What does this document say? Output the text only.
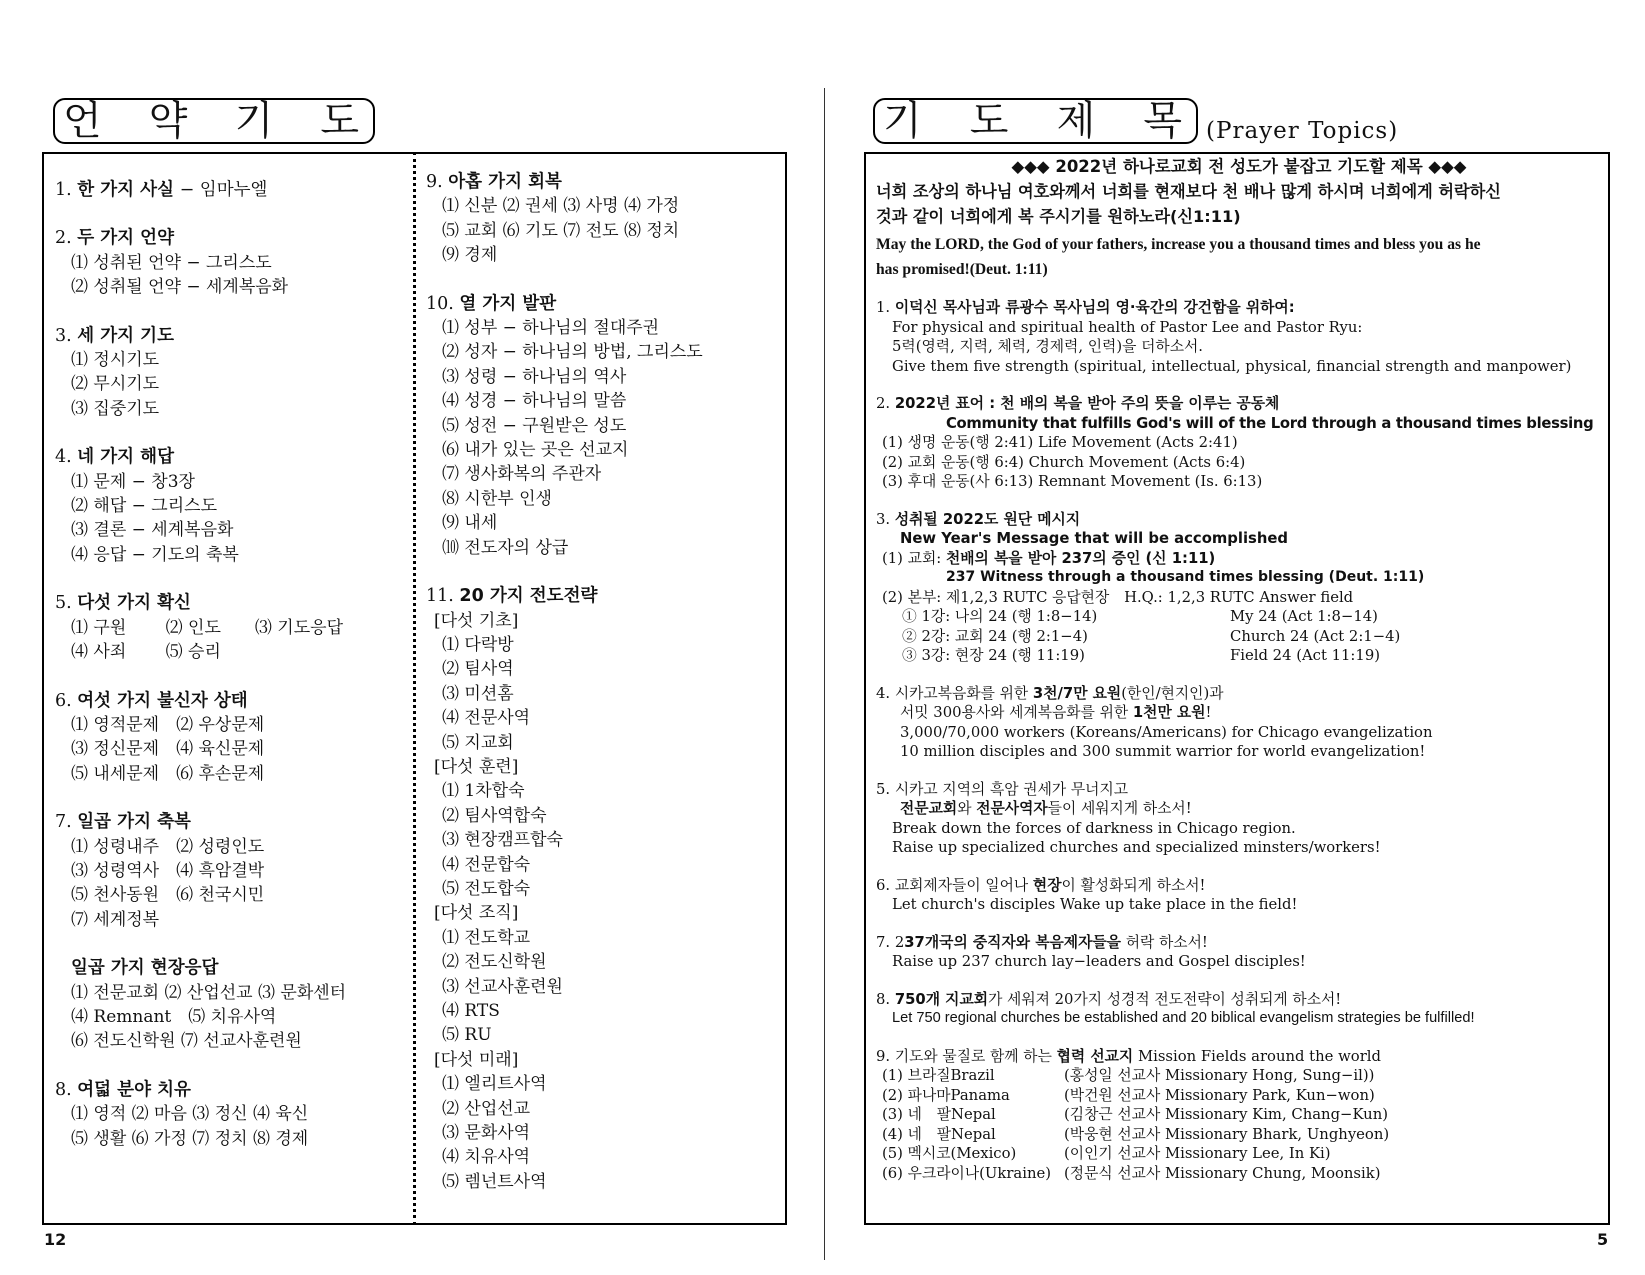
언 약 기 도
1. 한 가지 사실 − 임마누엘
2. 두 가지 언약
⑴ 성취된 언약 − 그리스도
⑵ 성취될 언약 − 세계복음화
3. 세 가지 기도
⑴ 정시기도
⑵ 무시기도
⑶ 집중기도
4. 네 가지 해답
⑴ 문제 − 창3장
⑵ 해답 − 그리스도
⑶ 결론 − 세계복음화
⑷ 응답 − 기도의 축복
5. 다섯 가지 확신
⑴ 구원　　 ⑵ 인도　　⑶ 기도응답
⑷ 사죄　　 ⑸ 승리
6. 여섯 가지 불신자 상태
⑴ 영적문제　⑵ 우상문제
⑶ 정신문제　⑷ 육신문제
⑸ 내세문제　⑹ 후손문제
7. 일곱 가지 축복
⑴ 성령내주　⑵ 성령인도
⑶ 성령역사　⑷ 흑암결박
⑸ 천사동원　⑹ 천국시민
⑺ 세계정복
일곱 가지 현장응답
⑴ 전문교회 ⑵ 산업선교 ⑶ 문화센터
⑷ Remnant　⑸ 치유사역
⑹ 전도신학원 ⑺ 선교사훈련원
8. 여덟 분야 치유
⑴ 영적 ⑵ 마음 ⑶ 정신 ⑷ 육신
⑸ 생활 ⑹ 가정 ⑺ 정치 ⑻ 경제
9. 아홉 가지 회복
⑴ 신분 ⑵ 권세 ⑶ 사명 ⑷ 가정
⑸ 교회 ⑹ 기도 ⑺ 전도 ⑻ 정치
⑼ 경제
10. 열 가지 발판
⑴ 성부 − 하나님의 절대주권
⑵ 성자 − 하나님의 방법, 그리스도
⑶ 성령 − 하나님의 역사
⑷ 성경 − 하나님의 말씀
⑸ 성전 − 구원받은 성도
⑹ 내가 있는 곳은 선교지
⑺ 생사화복의 주관자
⑻ 시한부 인생
⑼ 내세
⑽ 전도자의 상급
11. 20 가지 전도전략
[다섯 기초]
⑴ 다락방
⑵ 팀사역
⑶ 미션홈
⑷ 전문사역
⑸ 지교회
[다섯 훈련]
⑴ 1차합숙
⑵ 팀사역합숙
⑶ 현장캠프합숙
⑷ 전문합숙
⑸ 전도합숙
[다섯 조직]
⑴ 전도학교
⑵ 전도신학원
⑶ 선교사훈련원
⑷ RTS
⑸ RU
[다섯 미래]
⑴ 엘리트사역
⑵ 산업선교
⑶ 문화사역
⑷ 치유사역
⑸ 렘넌트사역
12
기 도 제 목 (Prayer Topics)
◆◆◆ 2022년 하나로교회 전 성도가 붙잡고 기도할 제목 ◆◆◆
너희 조상의 하나님 여호와께서 너희를 현재보다 천 배나 많게 하시며 너희에게 허락하신
것과 같이 너희에게 복 주시기를 원하노라(신1:11)
May the LORD, the God of your fathers, increase you a thousand times and bless you as he
has promised!(Deut. 1:11)
1. 이덕신 목사님과 류광수 목사님의 영·육간의 강건함을 위하여:
For physical and spiritual health of Pastor Lee and Pastor Ryu:
5력(영력, 지력, 체력, 경제력, 인력)을 더하소서.
Give them five strength (spiritual, intellectual, physical, financial strength and manpower)
2. 2022년 표어 : 천 배의 복을 받아 주의 뜻을 이루는 공동체
Community that fulfills God's will of the Lord through a thousand times blessing
(1) 생명 운동(행 2:41) Life Movement (Acts 2:41)
(2) 교회 운동(행 6:4) Church Movement (Acts 6:4)
(3) 후대 운동(사 6:13) Remnant Movement (Is. 6:13)
3. 성취될 2022도 원단 메시지
New Year's Message that will be accomplished
(1) 교회: 천배의 복을 받아 237의 증인 (신 1:11)
237 Witness through a thousand times blessing (Deut. 1:11)
(2) 본부: 제1,2,3 RUTC 응답현장　H.Q.: 1,2,3 RUTC Answer field
① 1강: 나의 24 (행 1:8−14)	My 24 (Act 1:8−14)
② 2강: 교회 24 (행 2:1−4)	Church 24 (Act 2:1−4)
③ 3강: 현장 24 (행 11:19)	Field 24 (Act 11:19)
4. 시카고복음화를 위한 3천/7만 요원(한인/현지인)과
서밋 300용사와 세계복음화를 위한 1천만 요원!
3,000/70,000 workers (Koreans/Americans) for Chicago evangelization
10 million disciples and 300 summit warrior for world evangelization!
5. 시카고 지역의 흑암 권세가 무너지고
전문교회와 전문사역자들이 세워지게 하소서!
Break down the forces of darkness in Chicago region.
Raise up specialized churches and specialized minsters/workers!
6. 교회제자들이 일어나 현장이 활성화되게 하소서!
Let church's disciples Wake up take place in the field!
7. 237개국의 중직자와 복음제자들을 허락 하소서!
Raise up 237 church lay−leaders and Gospel disciples!
8. 750개 지교회가 세워져 20가지 성경적 전도전략이 성취되게 하소서!
Let 750 regional churches be established and 20 biblical evangelism strategies be fulfilled!
9. 기도와 물질로 함께 하는 협력 선교지 Mission Fields around the world
(1) 브라질Brazil	(홍성일 선교사 Missionary Hong, Sung−il))
(2) 파나마Panama	(박건원 선교사 Missionary Park, Kun−won)
(3) 네　팔Nepal	(김창근 선교사 Missionary Kim, Chang−Kun)
(4) 네　팔Nepal	(박웅현 선교사 Missionary Bhark, Unghyeon)
(5) 멕시코(Mexico)	(이인기 선교사 Missionary Lee, In Ki)
(6) 우크라이나(Ukraine) (정문식 선교사 Missionary Chung, Moonsik)
5
